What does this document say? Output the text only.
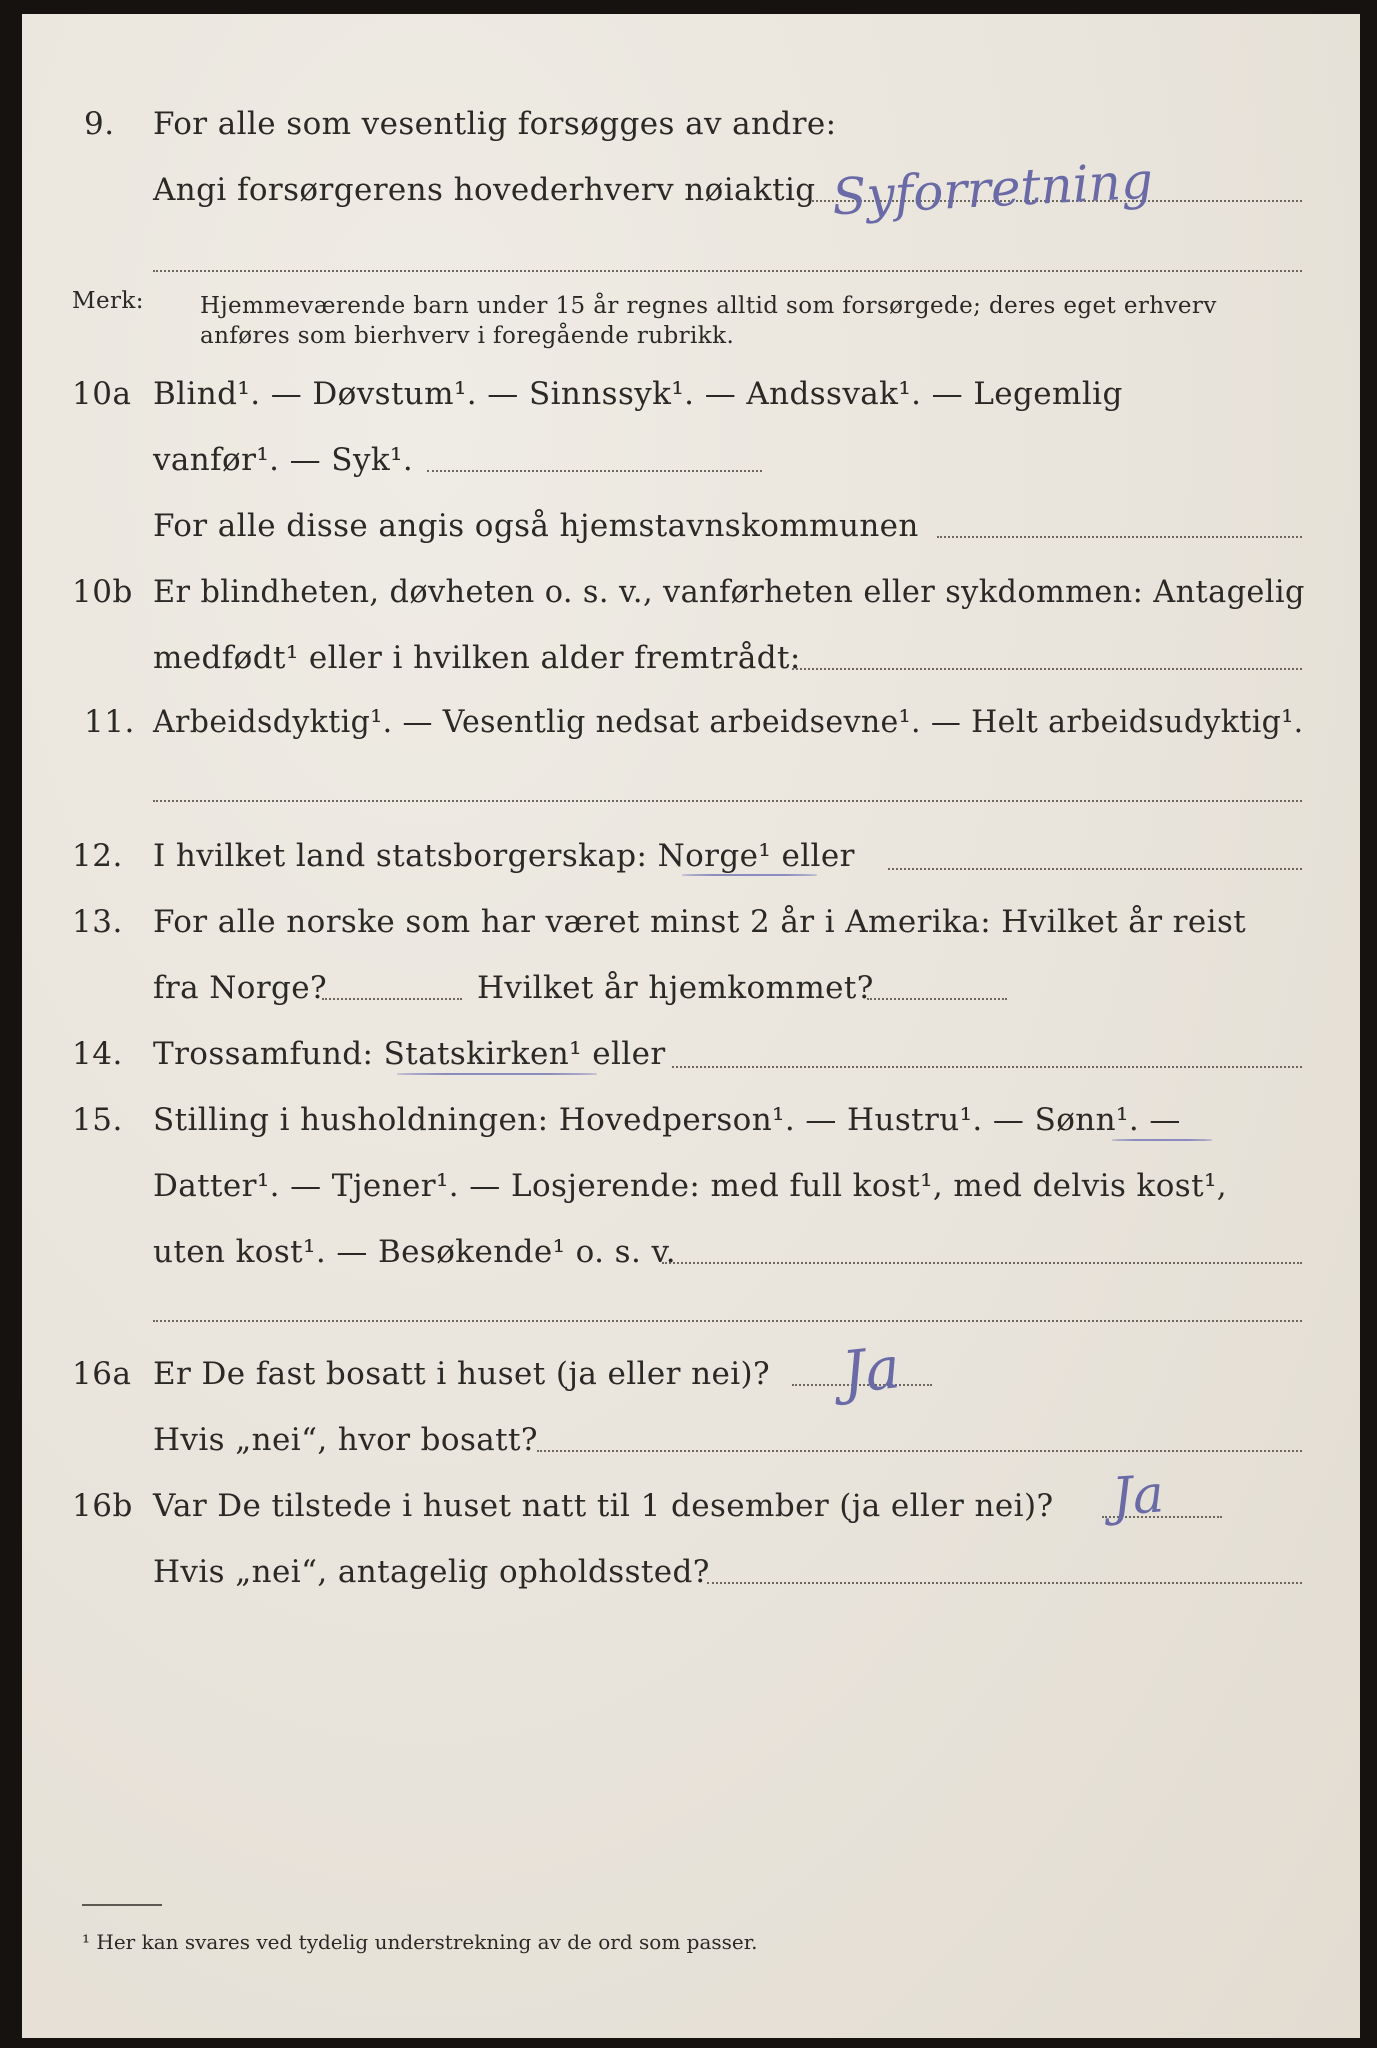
9. For alle som vesentlig forsøgges av andre:
Angi forsørgerens hovederhverv nøiaktig Syforretning
Merk: Hjemmeværende barn under 15 år regnes alltid som forsørgede; deres eget erhverv
anføres som bierhverv i foregående rubrikk.
10a Blind¹. — Døvstum¹. — Sinnssyk¹. — Andssvak¹. — Legemlig
vanfør¹. — Syk¹.
For alle disse angis også hjemstavnskommunen
10b Er blindheten, døvheten o. s. v., vanførheten eller sykdommen: Antagelig
medfødt¹ eller i hvilken alder fremtrådt:
11. Arbeidsdyktig¹. — Vesentlig nedsat arbeidsevne¹. — Helt arbeidsudyktig¹.
12. I hvilket land statsborgerskap: Norge¹ eller
13. For alle norske som har været minst 2 år i Amerika: Hvilket år reist
fra Norge?	Hvilket år hjemkommet?
14. Trossamfund: Statskirken¹ eller
15. Stilling i husholdningen: Hovedperson¹. — Hustru¹. — Sønn¹. —
Datter¹. — Tjener¹. — Losjerende: med full kost¹, med delvis kost¹,
uten kost¹. — Besøkende¹ o. s. v.
16a Er De fast bosatt i huset (ja eller nei)? Ja
Hvis „nei“, hvor bosatt?
16b Var De tilstede i huset natt til 1 desember (ja eller nei)? Ja
Hvis „nei“, antagelig opholdssted?
¹ Her kan svares ved tydelig understrekning av de ord som passer.
